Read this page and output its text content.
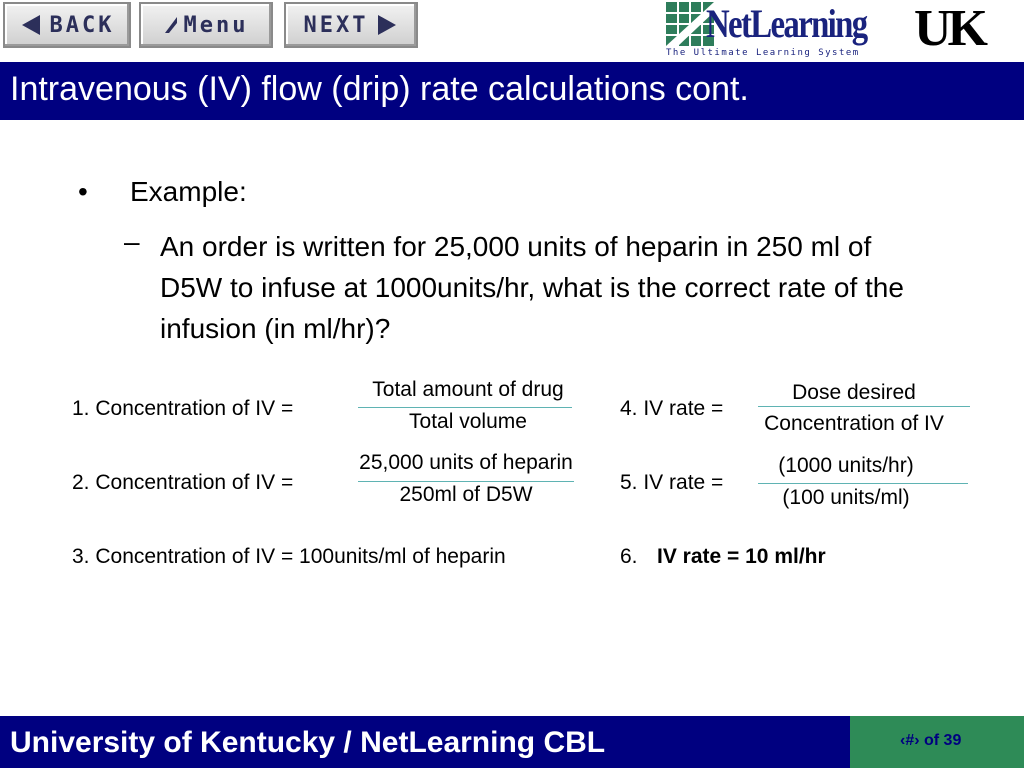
BACK	Menu	NEXT	NetLearning
The Ultimate Learning System UK
Intravenous (IV) flow (drip) rate calculations cont.
• Example:
– An order is written for 25,000 units of heparin in 250 ml of D5W to infuse at 1000units/hr, what is the correct rate of the infusion (in ml/hr)?
1. Concentration of IV =
Total amount of drug
Total volume
2. Concentration of IV =
25,000 units of heparin
250ml of D5W
3. Concentration of IV = 100units/ml of heparin
4. IV rate =
Dose desired
Concentration of IV
5. IV rate =
(1000 units/hr)
(100 units/ml)
6. IV rate = 10 ml/hr
University of Kentucky / NetLearning CBL	‹#› of 39
